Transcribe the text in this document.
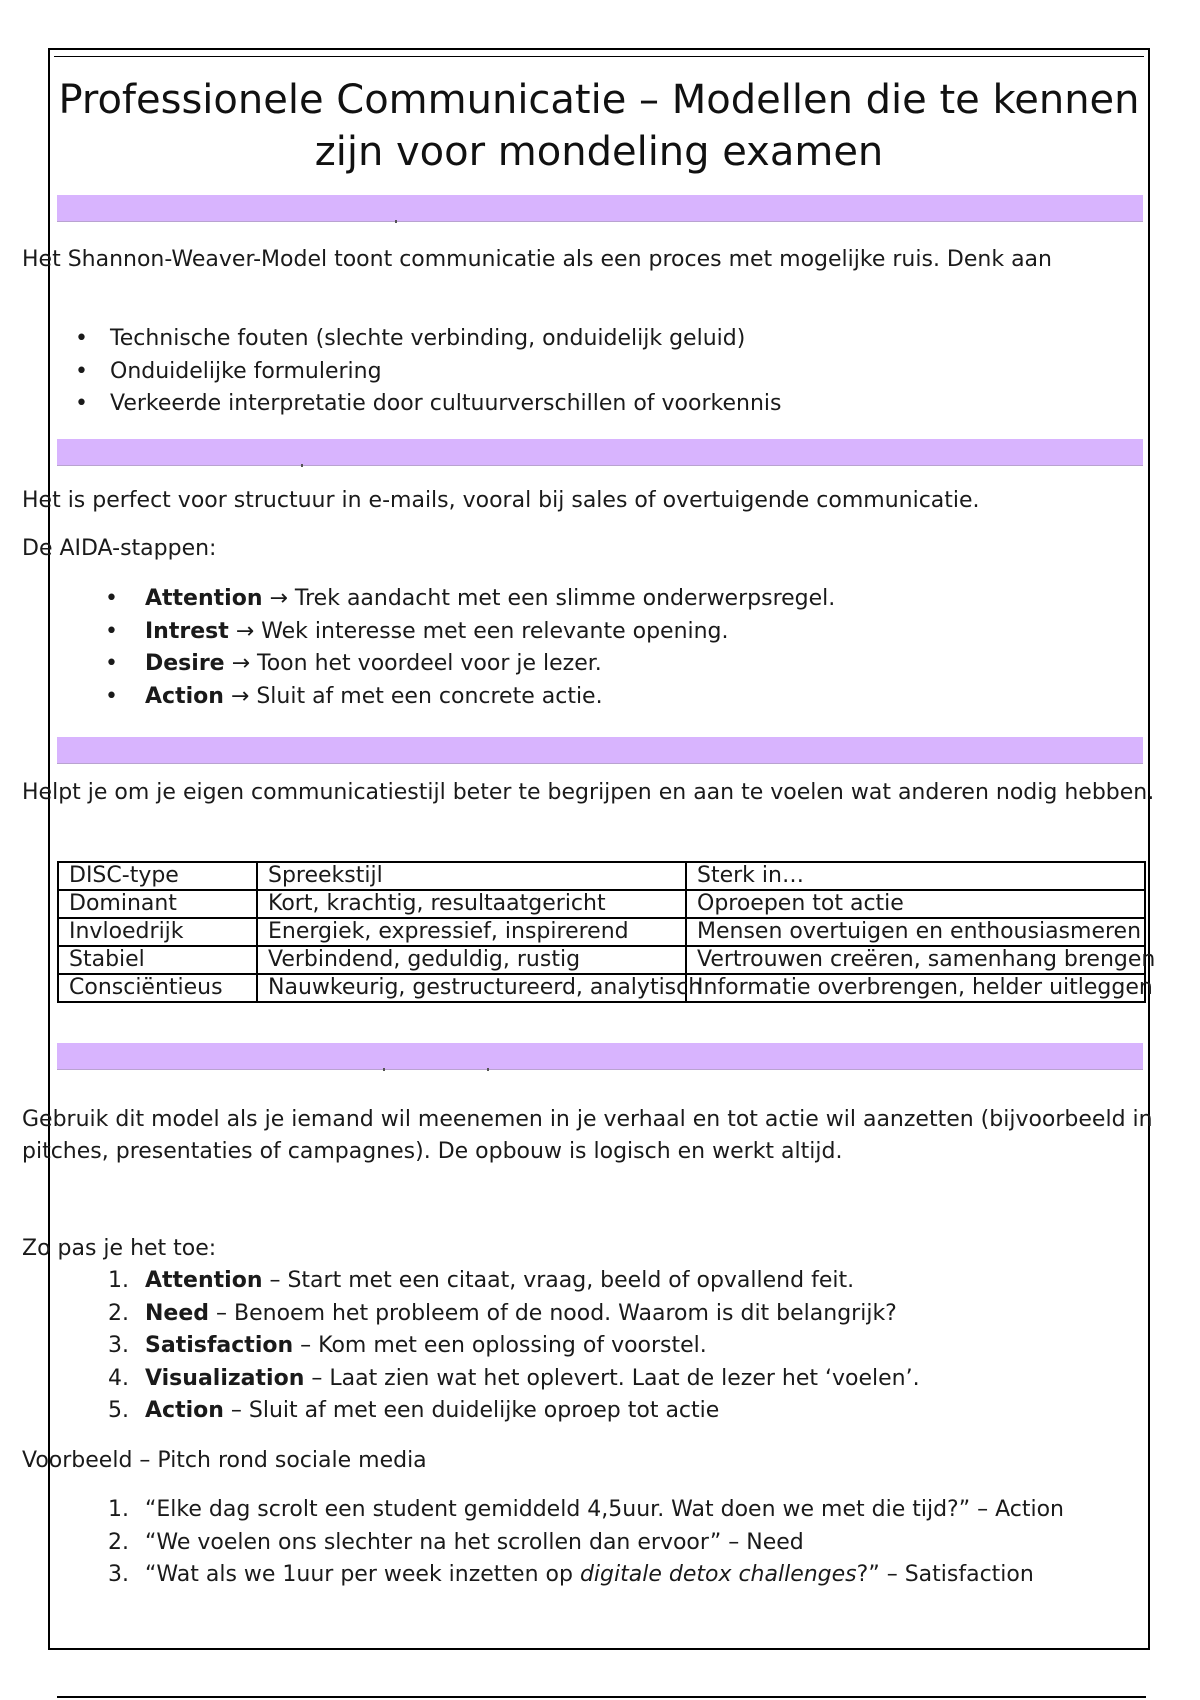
Professionele Communicatie – Modellen die te kennen zijn voor mondeling examen
Het Shannon-Weaver-Model toont communicatie als een proces met mogelijke ruis. Denk aan
• Technische fouten (slechte verbinding, onduidelijk geluid)
• Onduidelijke formulering
• Verkeerde interpretatie door cultuurverschillen of voorkennis
Het is perfect voor structuur in e-mails, vooral bij sales of overtuigende communicatie.
De AIDA-stappen:
• Attention → Trek aandacht met een slimme onderwerpsregel.
• Intrest → Wek interesse met een relevante opening.
• Desire → Toon het voordeel voor je lezer.
• Action → Sluit af met een concrete actie.
Helpt je om je eigen communicatiestijl beter te begrijpen en aan te voelen wat anderen nodig hebben.
DISC-type	Spreekstijl	Sterk in…
Dominant	Kort, krachtig, resultaatgericht	Oproepen tot actie
Invloedrijk	Energiek, expressief, inspirerend	Mensen overtuigen en enthousiasmeren
Stabiel	Verbindend, geduldig, rustig	Vertrouwen creëren, samenhang brengen
Consciëntieus	Nauwkeurig, gestructureerd, analytisch	Informatie overbrengen, helder uitleggen
Gebruik dit model als je iemand wil meenemen in je verhaal en tot actie wil aanzetten (bijvoorbeeld in pitches, presentaties of campagnes). De opbouw is logisch en werkt altijd.
Zo pas je het toe:
1. Attention – Start met een citaat, vraag, beeld of opvallend feit.
2. Need – Benoem het probleem of de nood. Waarom is dit belangrijk?
3. Satisfaction – Kom met een oplossing of voorstel.
4. Visualization – Laat zien wat het oplevert. Laat de lezer het ‘voelen’.
5. Action – Sluit af met een duidelijke oproep tot actie
Voorbeeld – Pitch rond sociale media
1. “Elke dag scrolt een student gemiddeld 4,5uur. Wat doen we met die tijd?” – Action
2. “We voelen ons slechter na het scrollen dan ervoor” – Need
3. “Wat als we 1uur per week inzetten op digitale detox challenges?” – Satisfaction
